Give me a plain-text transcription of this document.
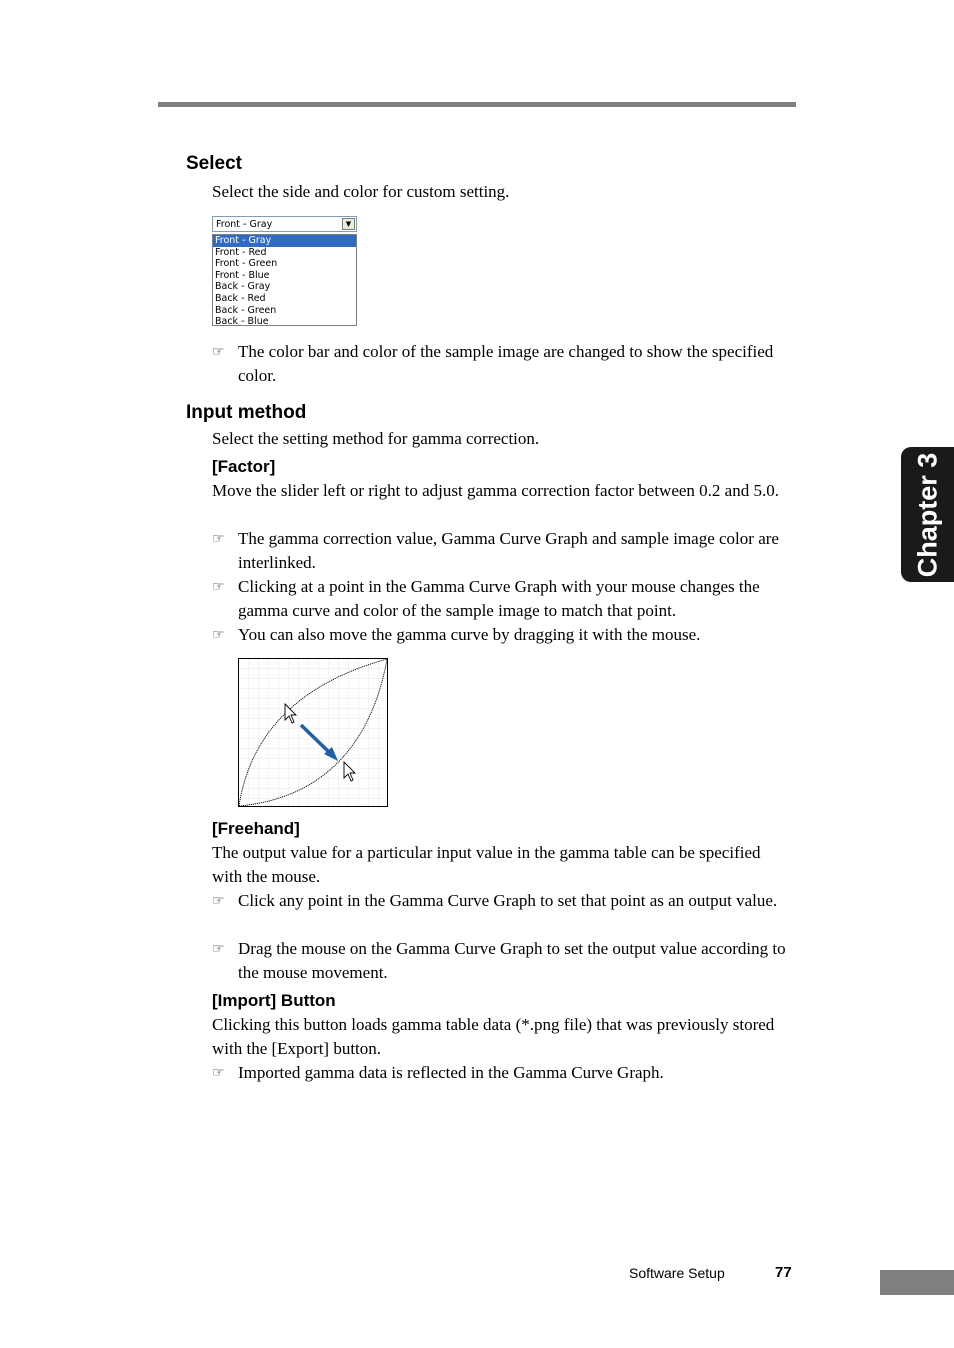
Select
Select the side and color for custom setting.
Front - Gray	▼
Front - Gray
Front - Red
Front - Green
Front - Blue
Back - Gray
Back - Red
Back - Green
Back - Blue
☞ The color bar and color of the sample image are changed to show the specified color.
Input method
Select the setting method for gamma correction.
[Factor]
Move the slider left or right to adjust gamma correction factor between 0.2 and 5.0.
☞ The gamma correction value, Gamma Curve Graph and sample image color are interlinked.
☞ Clicking at a point in the Gamma Curve Graph with your mouse changes the gamma curve and color of the sample image to match that point.
☞ You can also move the gamma curve by dragging it with the mouse.
[Freehand]
The output value for a particular input value in the gamma table can be specified with the mouse.
☞ Click any point in the Gamma Curve Graph to set that point as an output value.
☞ Drag the mouse on the Gamma Curve Graph to set the output value according to the mouse movement.
[Import] Button
Clicking this button loads gamma table data (*.png file) that was previously stored with the [Export] button.
☞ Imported gamma data is reflected in the Gamma Curve Graph.
Chapter 3
Software Setup	77
